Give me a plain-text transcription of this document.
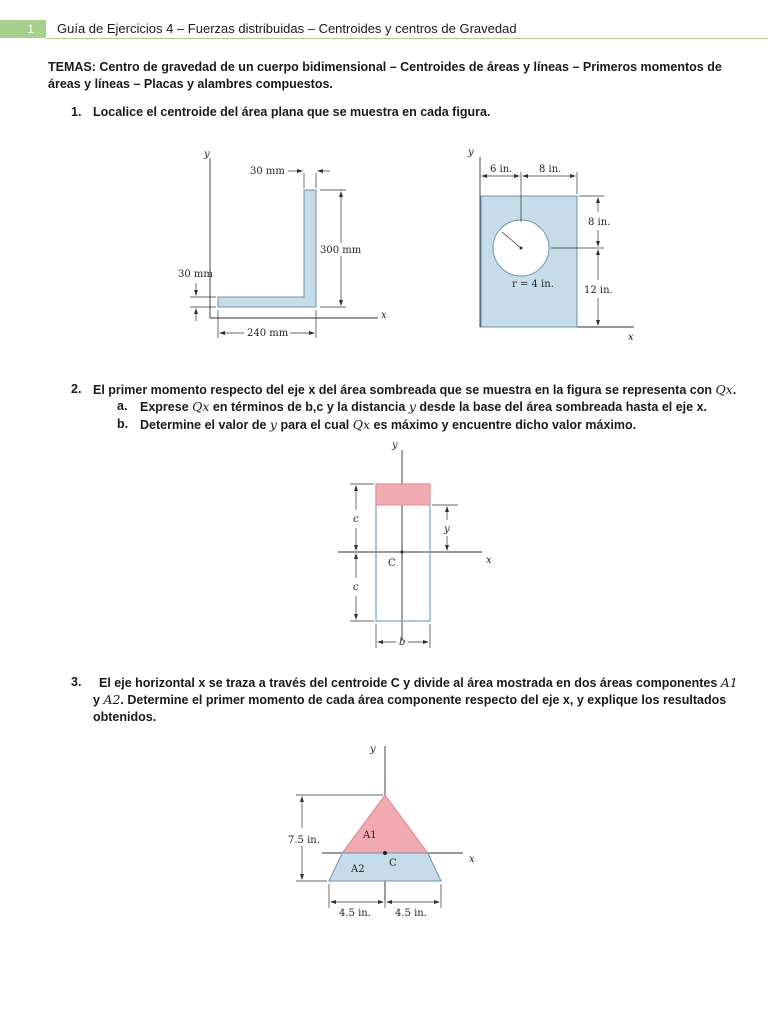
1	Guía de Ejercicios 4 – Fuerzas distribuidas – Centroides y centros de Gravedad
TEMAS: Centro de gravedad de un cuerpo bidimensional – Centroides de áreas y líneas – Primeros momentos de áreas y líneas – Placas y alambres compuestos.
1. Localice el centroide del área plana que se muestra en cada figura.
y
x
30 mm
300 mm
30 mm
240 mm
y
x
r = 4 in.
6 in.	8 in.
8 in.
12 in.
2. El primer momento respecto del eje x del área sombreada que se muestra en la figura se representa con Qx.
a. Exprese Qx en términos de b,c y la distancia y desde la base del área sombreada hasta el eje x.
b. Determine el valor de y para el cual Qx es máximo y encuentre dicho valor máximo.
y
x
C
c
c
y
b
3. El eje horizontal x se traza a través del centroide C y divide al área mostrada en dos áreas componentes A1
y A2. Determine el primer momento de cada área componente respecto del eje x, y explique los resultados obtenidos.
y
x
A1
A2
C
7.5 in.
4.5 in. 4.5 in.
